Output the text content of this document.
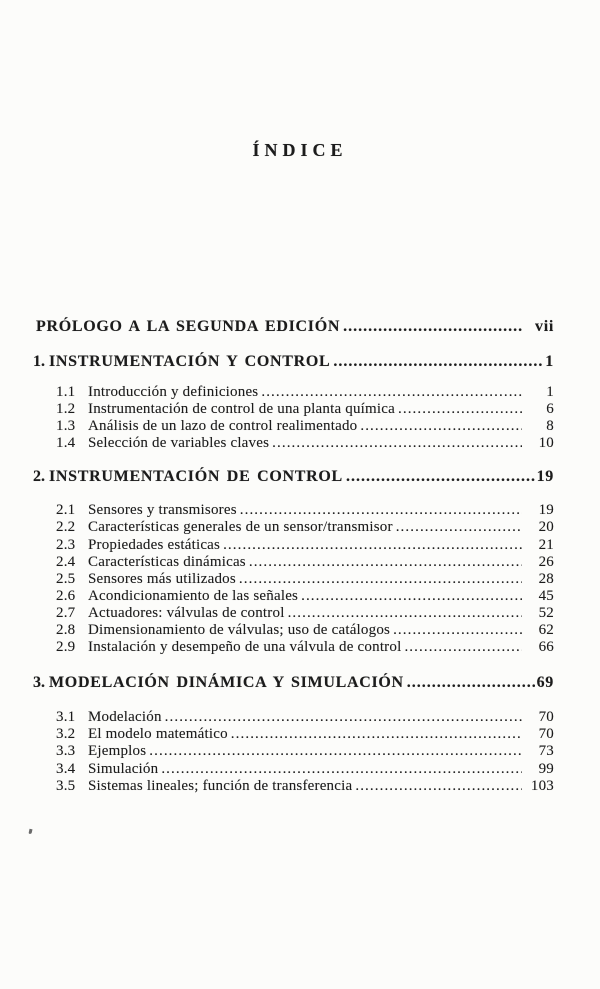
ÍNDICE
PRÓLOGO A LA SEGUNDA EDICIÓN .....	vii
1. INSTRUMENTACIÓN Y CONTROL .....	1
1.1 Introducción y definiciones .....	1
1.2 Instrumentación de control de una planta química .....	6
1.3 Análisis de un lazo de control realimentado .....	8
1.4 Selección de variables claves .....	10
2. INSTRUMENTACIÓN DE CONTROL .....	19
2.1 Sensores y transmisores .....	19
2.2 Características generales de un sensor/transmisor .....	20
2.3 Propiedades estáticas .....	21
2.4 Características dinámicas .....	26
2.5 Sensores más utilizados .....	28
2.6 Acondicionamiento de las señales .....	45
2.7 Actuadores: válvulas de control .....	52
2.8 Dimensionamiento de válvulas; uso de catálogos .....	62
2.9 Instalación y desempeño de una válvula de control .....	66
3. MODELACIÓN DINÁMICA Y SIMULACIÓN .....	69
3.1 Modelación .....	70
3.2 El modelo matemático .....	70
3.3 Ejemplos .....	73
3.4 Simulación .....	99
3.5 Sistemas lineales; función de transferencia .....	103
